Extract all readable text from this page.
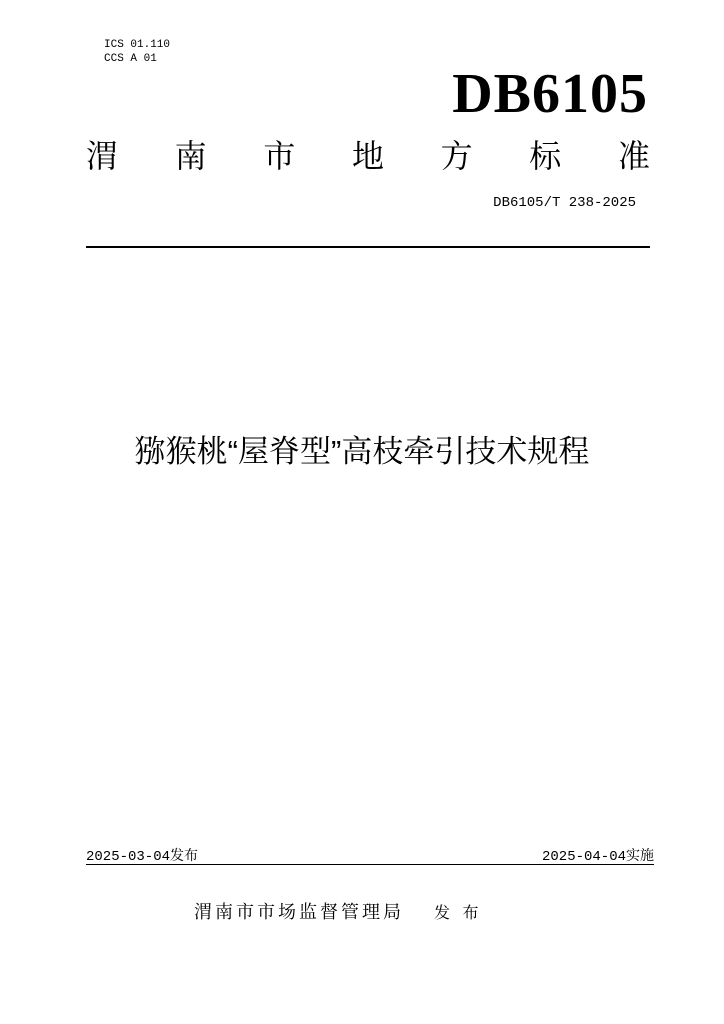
ICS 01.110
CCS A 01
DB6105
渭 南 市 地 方 标 准
DB6105/T 238-2025
猕猴桃“屋脊型”高枝牵引技术规程
2025-03-04发布	2025-04-04实施
渭南市市场监督管理局 发 布
